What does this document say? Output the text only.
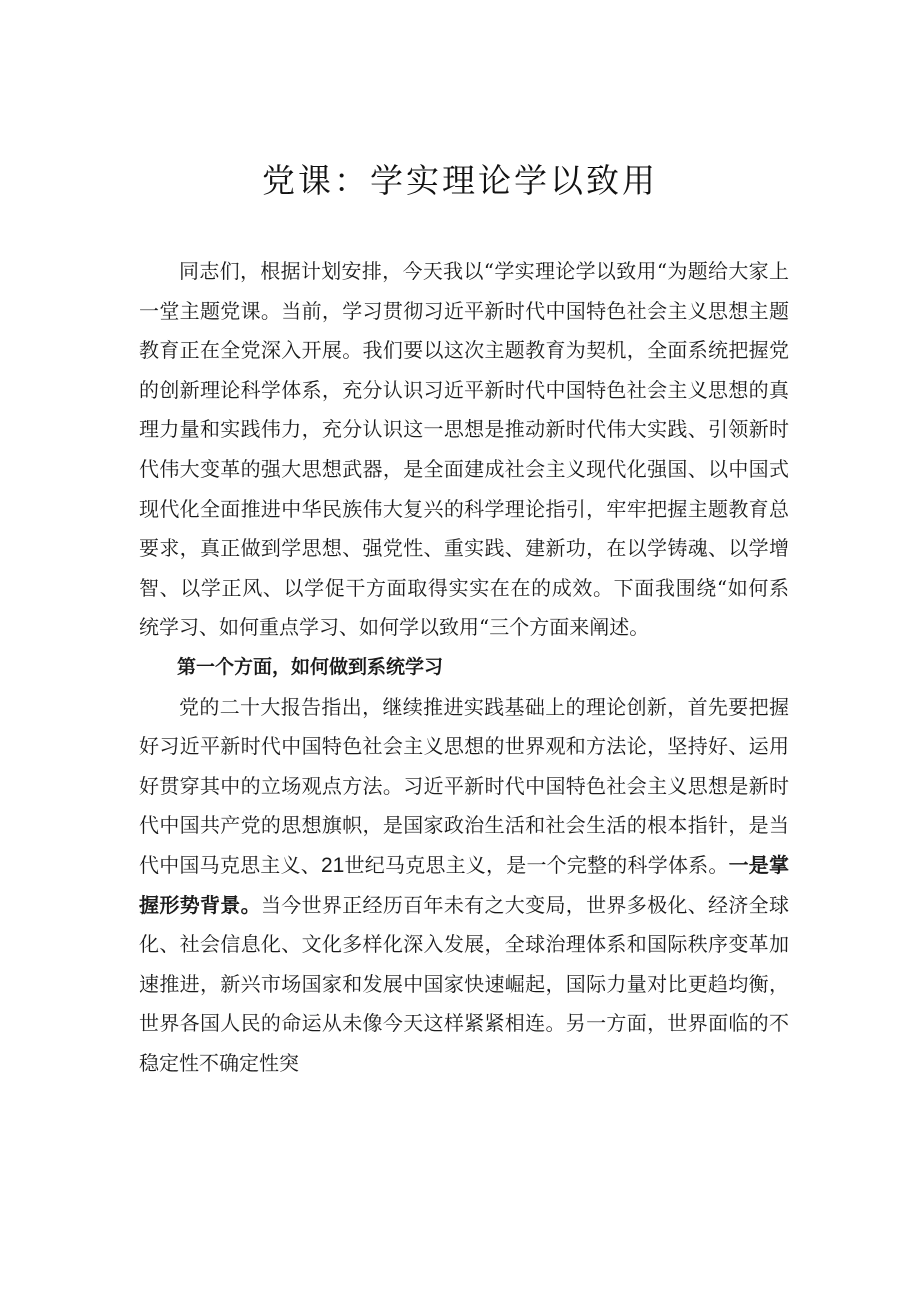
党课：学实理论学以致用

同志们，根据计划安排，今天我以“学实理论学以致用“为题给大家上一堂主题党课。当前，学习贯彻习近平新时代中国特色社会主义思想主题教育正在全党深入开展。我们要以这次主题教育为契机，全面系统把握党的创新理论科学体系，充分认识习近平新时代中国特色社会主义思想的真理力量和实践伟力，充分认识这一思想是推动新时代伟大实践、引领新时代伟大变革的强大思想武器，是全面建成社会主义现代化强国、以中国式现代化全面推进中华民族伟大复兴的科学理论指引，牢牢把握主题教育总要求，真正做到学思想、强党性、重实践、建新功，在以学铸魂、以学增智、以学正风、以学促干方面取得实实在在的成效。下面我围绕“如何系统学习、如何重点学习、如何学以致用“三个方面来阐述。

第一个方面，如何做到系统学习

党的二十大报告指出，继续推进实践基础上的理论创新，首先要把握好习近平新时代中国特色社会主义思想的世界观和方法论，坚持好、运用好贯穿其中的立场观点方法。习近平新时代中国特色社会主义思想是新时代中国共产党的思想旗帜，是国家政治生活和社会生活的根本指针，是当代中国马克思主义、21世纪马克思主义，是一个完整的科学体系。一是掌握形势背景。当今世界正经历百年未有之大变局，世界多极化、经济全球化、社会信息化、文化多样化深入发展，全球治理体系和国际秩序变革加速推进，新兴市场国家和发展中国家快速崛起，国际力量对比更趋均衡，世界各国人民的命运从未像今天这样紧紧相连。另一方面，世界面临的不稳定性不确定性突
